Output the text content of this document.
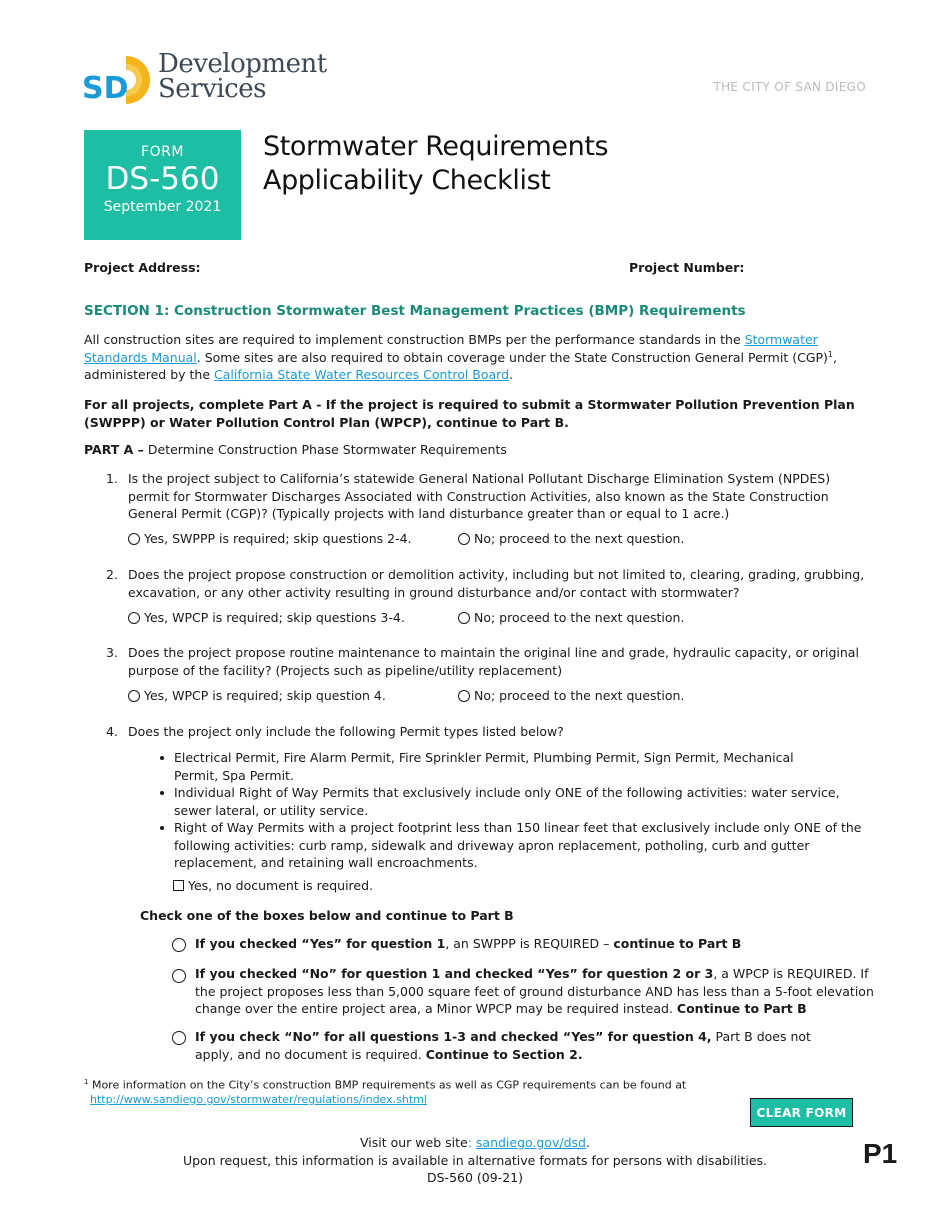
SD
Development
Services	THE CITY OF SAN DIEGO
FORM
DS-560
September 2021
Stormwater Requirements
Applicability Checklist
Project Address:	Project Number:
SECTION 1: Construction Stormwater Best Management Practices (BMP) Requirements
All construction sites are required to implement construction BMPs per the performance standards in the Stormwater Standards Manual. Some sites are also required to obtain coverage under the State Construction General Permit (CGP)$^1$, administered by the California State Water Resources Control Board.
For all projects, complete Part A - If the project is required to submit a Stormwater Pollution Prevention Plan (SWPPP) or Water Pollution Control Plan (WPCP), continue to Part B.
PART A – Determine Construction Phase Stormwater Requirements
1. Is the project subject to California’s statewide General National Pollutant Discharge Elimination System (NPDES) permit for Stormwater Discharges Associated with Construction Activities, also known as the State Construction General Permit (CGP)? (Typically projects with land disturbance greater than or equal to 1 acre.)
Yes, SWPPP is required; skip questions 2-4.	No; proceed to the next question.
2. Does the project propose construction or demolition activity, including but not limited to, clearing, grading, grubbing, excavation, or any other activity resulting in ground disturbance and/or contact with stormwater?
Yes, WPCP is required; skip questions 3-4.	No; proceed to the next question.
3. Does the project propose routine maintenance to maintain the original line and grade, hydraulic capacity, or original purpose of the facility? (Projects such as pipeline/utility replacement)
Yes, WPCP is required; skip question 4.	No; proceed to the next question.
4. Does the project only include the following Permit types listed below?
Electrical Permit, Fire Alarm Permit, Fire Sprinkler Permit, Plumbing Permit, Sign Permit, Mechanical Permit, Spa Permit.
Individual Right of Way Permits that exclusively include only ONE of the following activities: water service, sewer lateral, or utility service.
Right of Way Permits with a project footprint less than 150 linear feet that exclusively include only ONE of the following activities: curb ramp, sidewalk and driveway apron replacement, potholing, curb and gutter replacement, and retaining wall encroachments.
Yes, no document is required.
Check one of the boxes below and continue to Part B
If you checked “Yes” for question 1, an SWPPP is REQUIRED – continue to Part B
If you checked “No” for question 1 and checked “Yes” for question 2 or 3, a WPCP is REQUIRED. If the project proposes less than 5,000 square feet of ground disturbance AND has less than a 5-foot elevation change over the entire project area, a Minor WPCP may be required instead. Continue to Part B
If you check “No” for all questions 1-3 and checked “Yes” for question 4, Part B does not apply, and no document is required. Continue to Section 2.
$^1$ More information on the City’s construction BMP requirements as well as CGP requirements can be found at
http://www.sandiego.gov/stormwater/regulations/index.shtml
CLEAR FORM
Visit our web site: sandiego.gov/dsd.
Upon request, this information is available in alternative formats for persons with disabilities.
DS-560 (09-21)
P1
